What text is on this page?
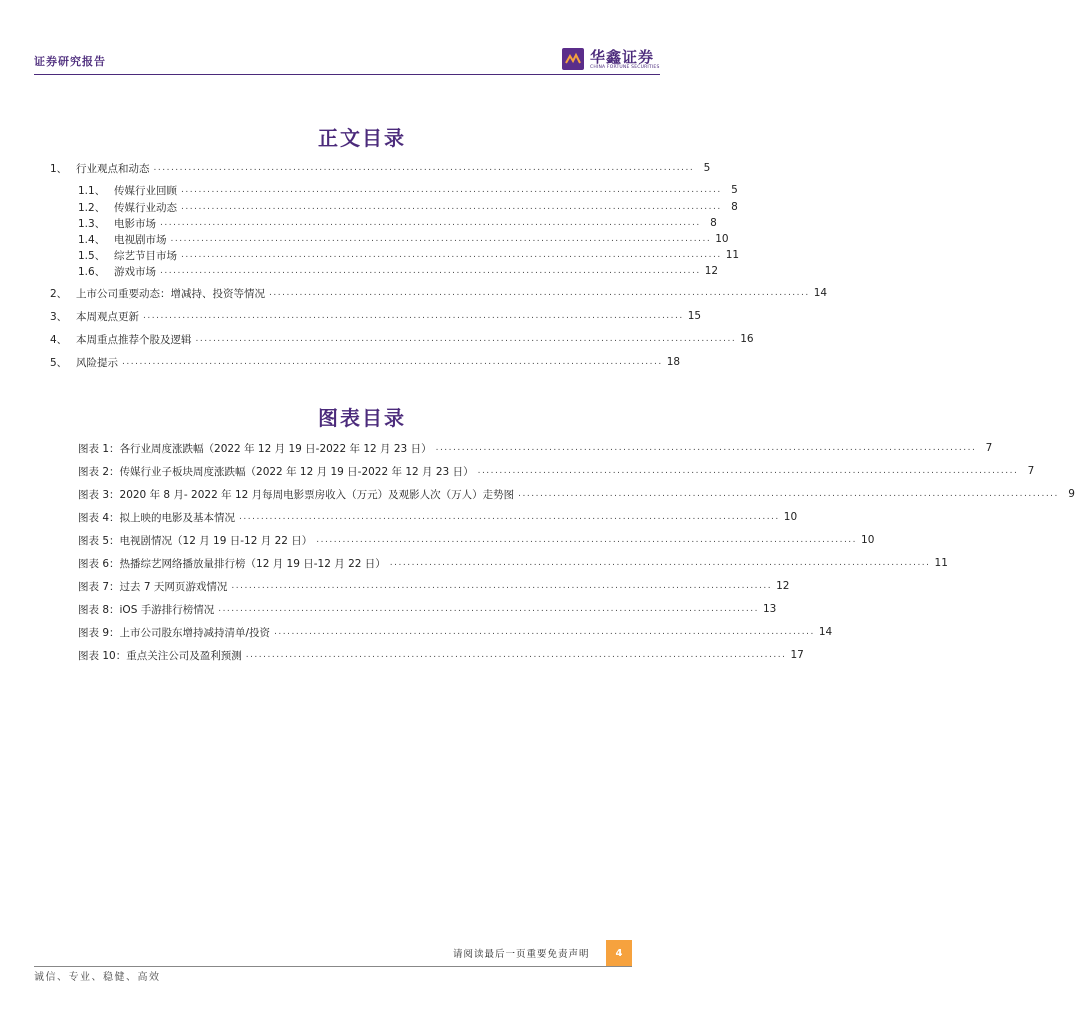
证券研究报告	华鑫证券
CHINA FORTUNE SECURITIES
正文目录
1、 行业观点和动态 ............................................................................................................................ 5
1.1、 传媒行业回顾 ............................................................................................................................ 5
1.2、 传媒行业动态 ............................................................................................................................ 8
1.3、 电影市场 ............................................................................................................................ 8
1.4、 电视剧市场 ............................................................................................................................ 10
1.5、 综艺节目市场 ............................................................................................................................ 11
1.6、 游戏市场 ............................................................................................................................ 12
2、 上市公司重要动态：增减持、投资等情况 ............................................................................................................................ 14
3、 本周观点更新 ............................................................................................................................ 15
4、 本周重点推荐个股及逻辑 ............................................................................................................................ 16
5、 风险提示 ............................................................................................................................ 18
图表目录
图表 1：各行业周度涨跌幅（2022 年 12 月 19 日-2022 年 12 月 23 日） ............................................................................................................................ 7
图表 2：传媒行业子板块周度涨跌幅（2022 年 12 月 19 日-2022 年 12 月 23 日） ............................................................................................................................ 7
图表 3：2020 年 8 月- 2022 年 12 月每周电影票房收入（万元）及观影人次（万人）走势图 ............................................................................................................................ 9
图表 4：拟上映的电影及基本情况 ............................................................................................................................ 10
图表 5：电视剧情况（12 月 19 日-12 月 22 日） ............................................................................................................................ 10
图表 6：热播综艺网络播放量排行榜（12 月 19 日-12 月 22 日） ............................................................................................................................ 11
图表 7：过去 7 天网页游戏情况 ............................................................................................................................ 12
图表 8：iOS 手游排行榜情况 ............................................................................................................................ 13
图表 9：上市公司股东增持减持清单/投资 ............................................................................................................................ 14
图表 10：重点关注公司及盈利预测 ............................................................................................................................ 17
请阅读最后一页重要免责声明	4
诚信、专业、稳健、高效
